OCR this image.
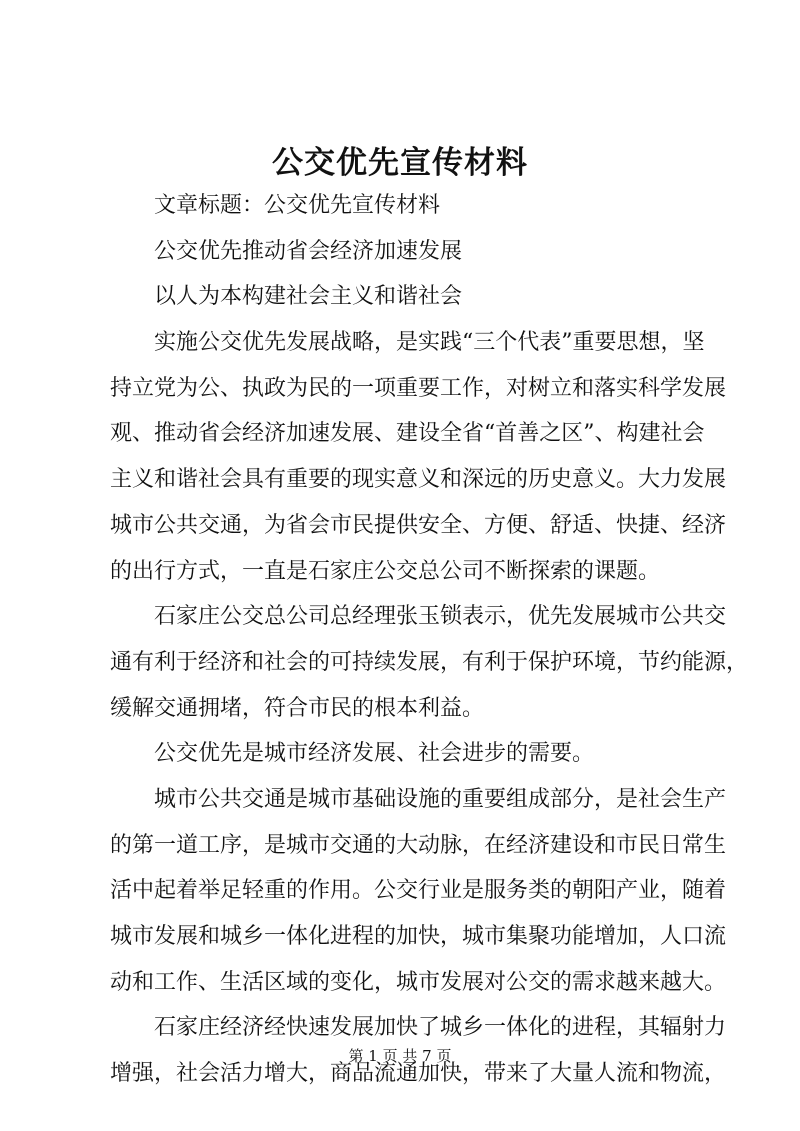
公交优先宣传材料
文章标题：公交优先宣传材料
公交优先推动省会经济加速发展
以人为本构建社会主义和谐社会
实施公交优先发展战略，是实践“三个代表”重要思想，坚
持立党为公、执政为民的一项重要工作，对树立和落实科学发展
观、推动省会经济加速发展、建设全省“首善之区”、构建社会
主义和谐社会具有重要的现实意义和深远的历史意义。大力发展
城市公共交通，为省会市民提供安全、方便、舒适、快捷、经济
的出行方式，一直是石家庄公交总公司不断探索的课题。
石家庄公交总公司总经理张玉锁表示，优先发展城市公共交
通有利于经济和社会的可持续发展，有利于保护环境，节约能源，
缓解交通拥堵，符合市民的根本利益。
公交优先是城市经济发展、社会进步的需要。
城市公共交通是城市基础设施的重要组成部分，是社会生产
的第一道工序，是城市交通的大动脉，在经济建设和市民日常生
活中起着举足轻重的作用。公交行业是服务类的朝阳产业，随着
城市发展和城乡一体化进程的加快，城市集聚功能增加，人口流
动和工作、生活区域的变化，城市发展对公交的需求越来越大。
石家庄经济经快速发展加快了城乡一体化的进程，其辐射力
增强，社会活力增大，商品流通加快，带来了大量人流和物流，
第 1 页 共 7 页
